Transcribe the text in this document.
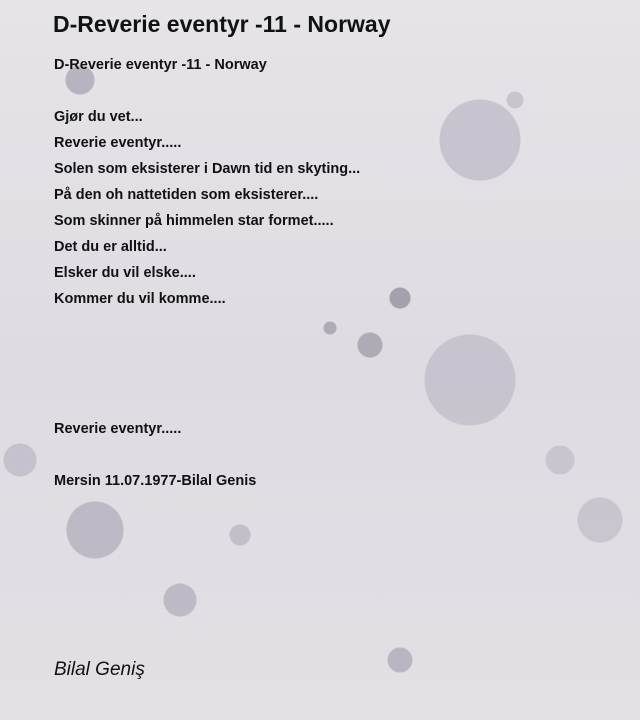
D-Reverie eventyr -11 - Norway
D-Reverie eventyr -11 - Norway
Gjør du vet...
Reverie eventyr.....
Solen som eksisterer i Dawn tid en skyting...
På den oh nattetiden som eksisterer....
Som skinner på himmelen star formet.....
Det du er alltid...
Elsker du vil elske....
Kommer du vil komme....
Reverie eventyr.....
Mersin 11.07.1977-Bilal Genis
Bilal Geniş
